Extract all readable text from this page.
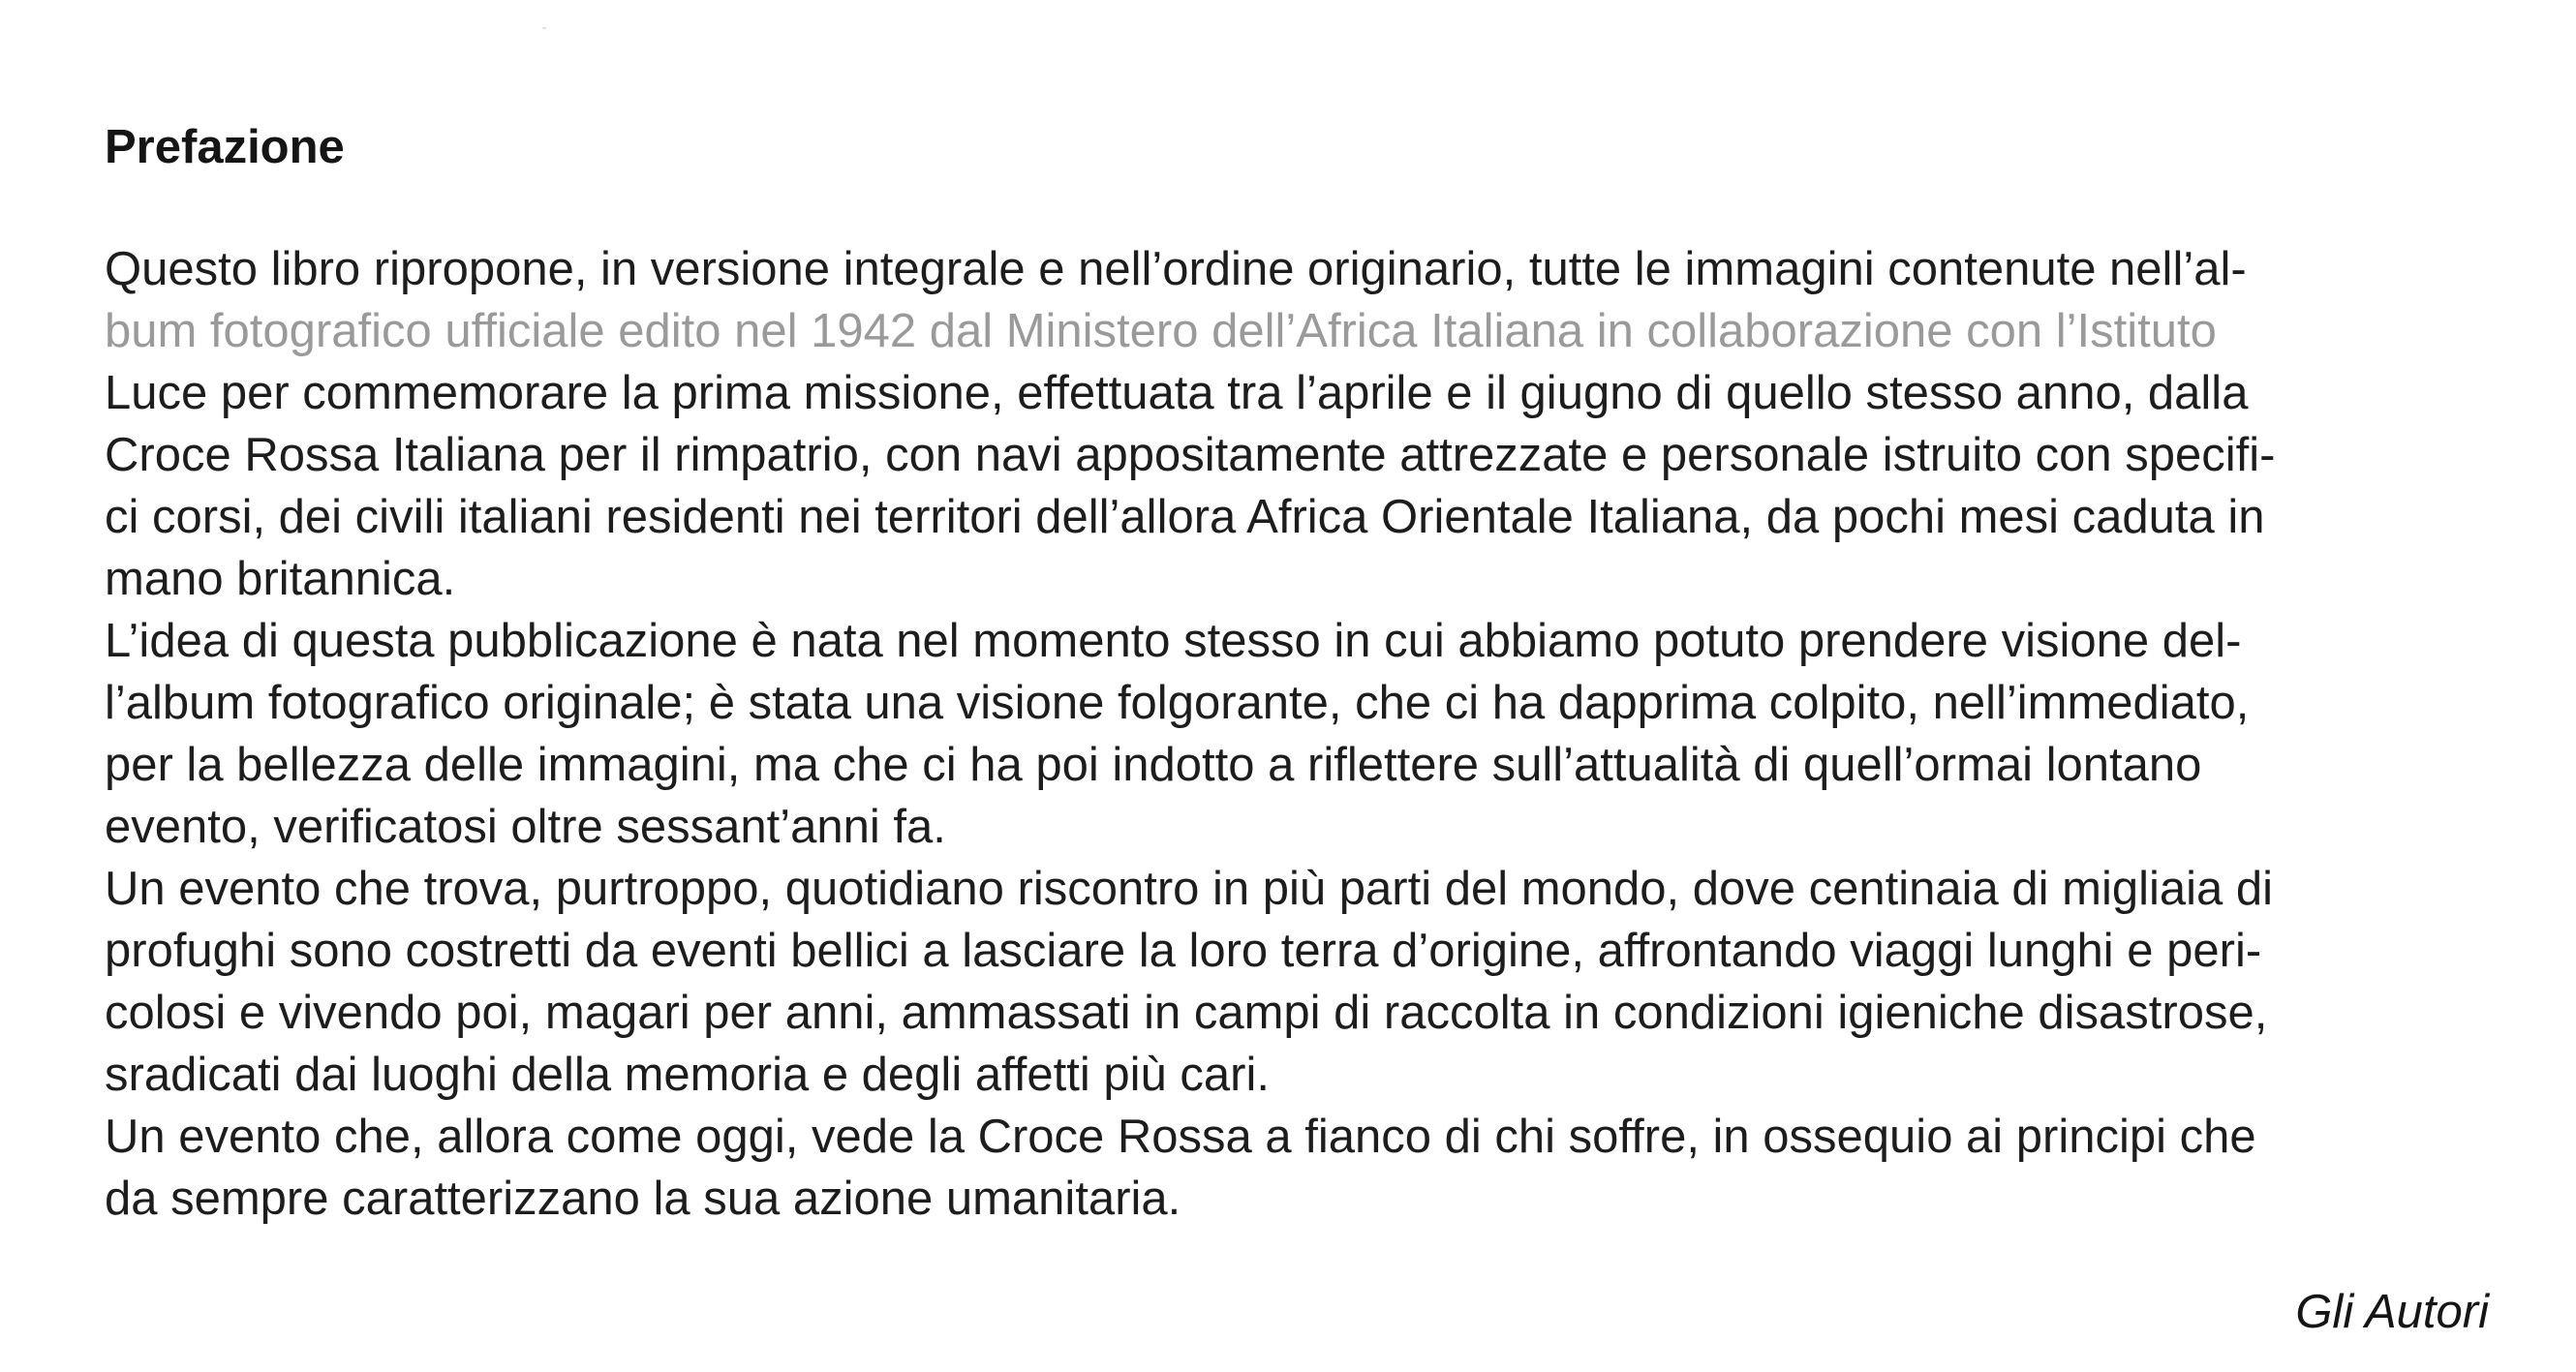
Prefazione
Questo libro ripropone, in versione integrale e nell’ordine originario, tutte le immagini contenute nell’al-
bum fotografico ufficiale edito nel 1942 dal Ministero dell’Africa Italiana in collaborazione con l’Istituto
Luce per commemorare la prima missione, effettuata tra l’aprile e il giugno di quello stesso anno, dalla
Croce Rossa Italiana per il rimpatrio, con navi appositamente attrezzate e personale istruito con specifi-
ci corsi, dei civili italiani residenti nei territori dell’allora Africa Orientale Italiana, da pochi mesi caduta in
mano britannica.
L’idea di questa pubblicazione è nata nel momento stesso in cui abbiamo potuto prendere visione del-
l’album fotografico originale; è stata una visione folgorante, che ci ha dapprima colpito, nell’immediato,
per la bellezza delle immagini, ma che ci ha poi indotto a riflettere sull’attualità di quell’ormai lontano
evento, verificatosi oltre sessant’anni fa.
Un evento che trova, purtroppo, quotidiano riscontro in più parti del mondo, dove centinaia di migliaia di
profughi sono costretti da eventi bellici a lasciare la loro terra d’origine, affrontando viaggi lunghi e peri-
colosi e vivendo poi, magari per anni, ammassati in campi di raccolta in condizioni igieniche disastrose,
sradicati dai luoghi della memoria e degli affetti più cari.
Un evento che, allora come oggi, vede la Croce Rossa a fianco di chi soffre, in ossequio ai principi che
da sempre caratterizzano la sua azione umanitaria.
Gli Autori
